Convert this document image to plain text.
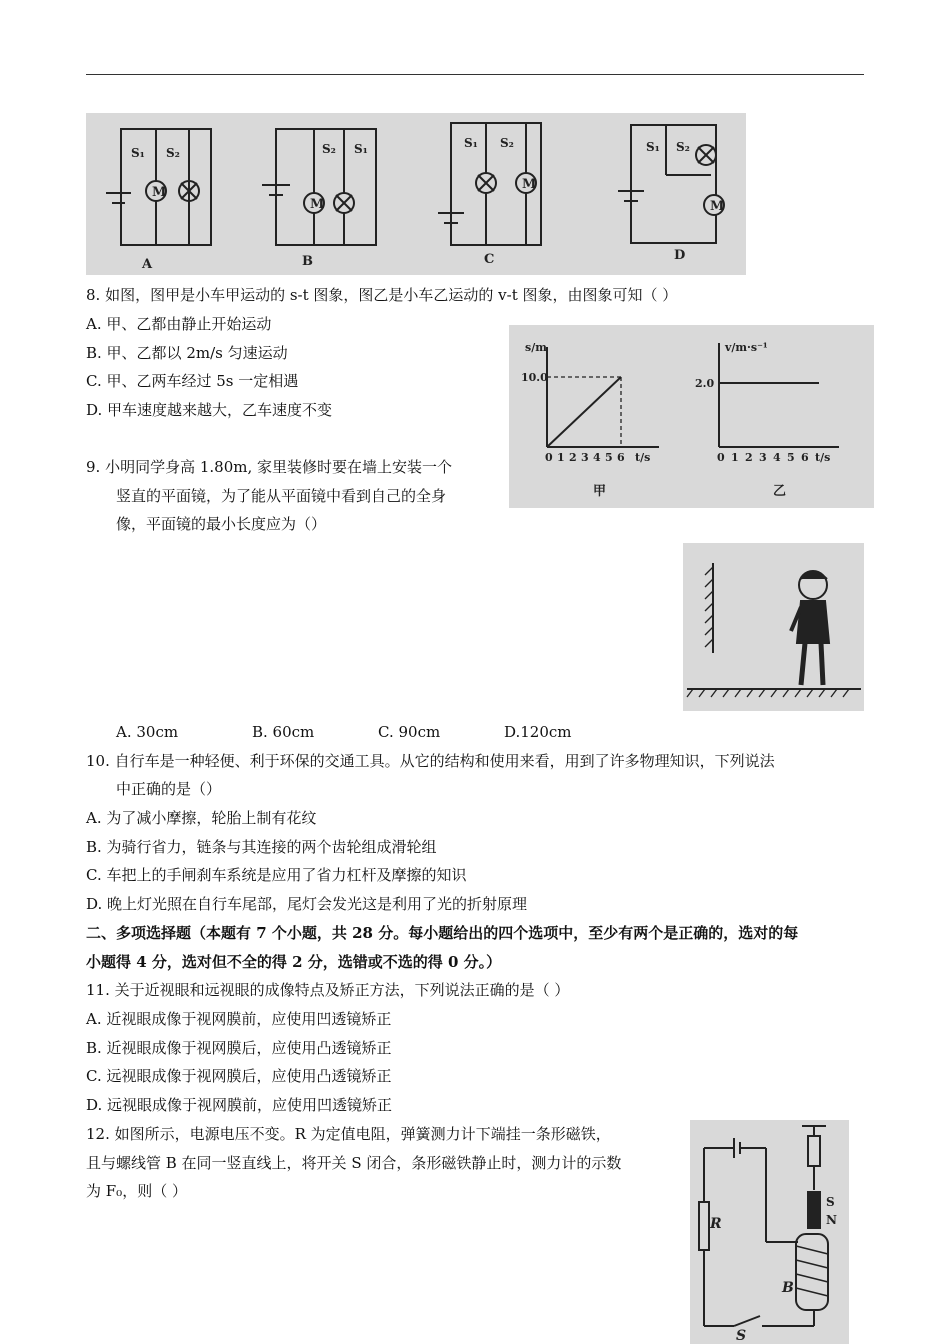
M
M
M
M
S₁ S₂	S₂ S₁	S₁ S₂	S₁ S₂
A	B	C	D
8. 如图，图甲是小车甲运动的 s-t 图象，图乙是小车乙运动的 v-t 图象，由图象可知（ ）
A. 甲、乙都由静止开始运动
B. 甲、乙都以 2m/s 匀速运动
C. 甲、乙两车经过 5s 一定相遇
D. 甲车速度越来越大，乙车速度不变
s/m
10.0
0 1 2 3 4 5 6 t/s
甲
v/m·s⁻¹
2.0
0 1 2 3 4 5 6 t/s
乙
9. 小明同学身高 1.80m, 家里装修时要在墙上安装一个
竖直的平面镜，为了能从平面镜中看到自己的全身
像，平面镜的最小长度应为（）
A. 30cm	B. 60cm	C. 90cm	D.120cm
10. 自行车是一种轻便、利于环保的交通工具。从它的结构和使用来看，用到了许多物理知识，下列说法
中正确的是（）
A. 为了减小摩擦，轮胎上制有花纹
B. 为骑行省力，链条与其连接的两个齿轮组成滑轮组
C. 车把上的手闸刹车系统是应用了省力杠杆及摩擦的知识
D. 晚上灯光照在自行车尾部，尾灯会发光这是利用了光的折射原理
二、多项选择题（本题有 7 个小题，共 28 分。每小题给出的四个选项中，至少有两个是正确的，选对的每
小题得 4 分，选对但不全的得 2 分，选错或不选的得 0 分。）
11. 关于近视眼和远视眼的成像特点及矫正方法，下列说法正确的是（ ）
A. 近视眼成像于视网膜前，应使用凹透镜矫正
B. 近视眼成像于视网膜后，应使用凸透镜矫正
C. 远视眼成像于视网膜后，应使用凸透镜矫正
D. 远视眼成像于视网膜前，应使用凹透镜矫正
12. 如图所示，电源电压不变。R 为定值电阻，弹簧测力计下端挂一条形磁铁，
且与螺线管 B 在同一竖直线上，将开关 S 闭合，条形磁铁静止时，测力计的示数
为 F₀，则（ ）
R
B
S
S
N
